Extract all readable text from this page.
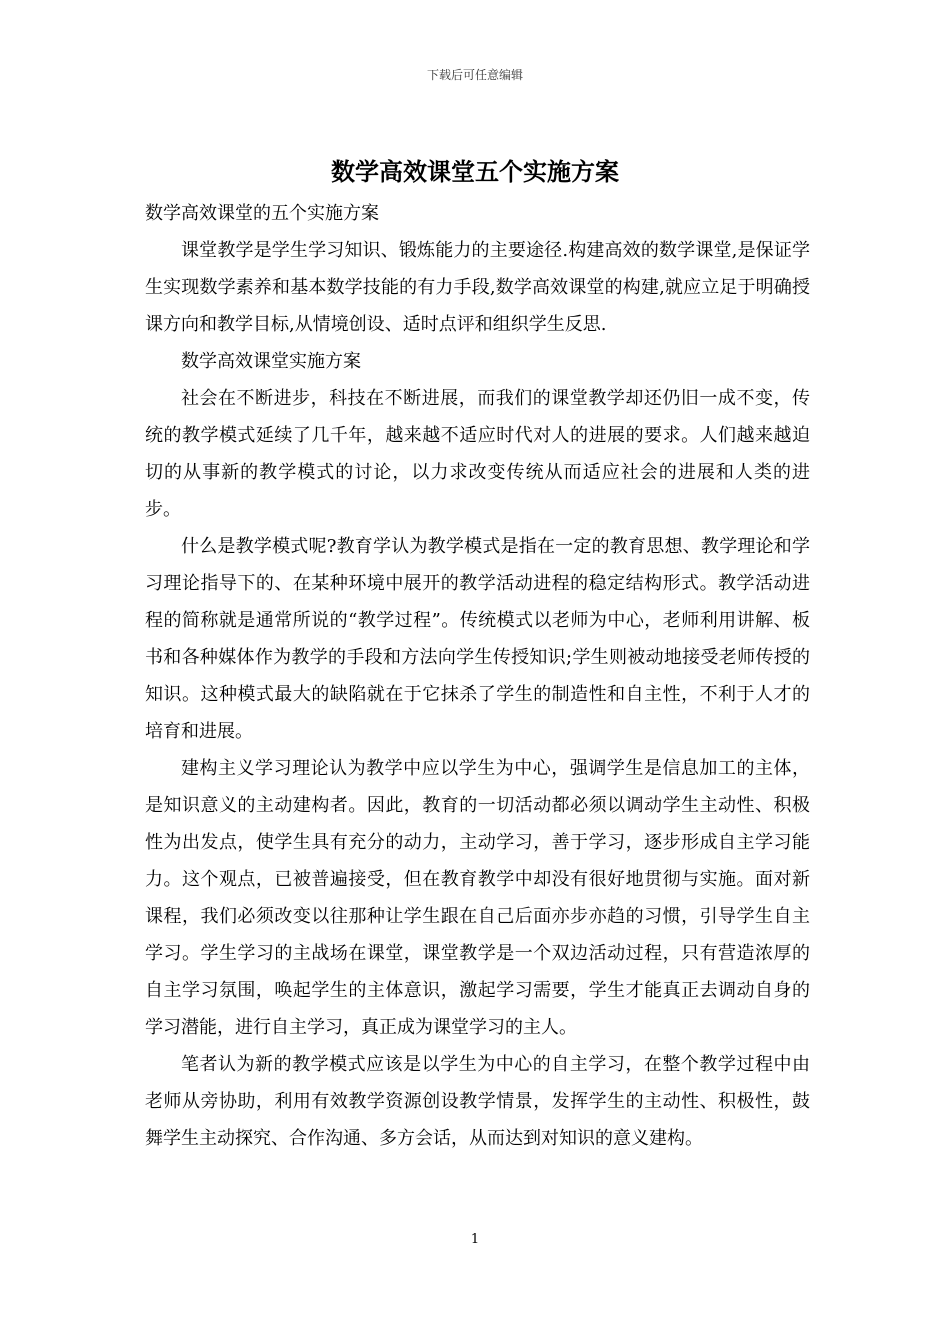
下载后可任意编辑
数学高效课堂五个实施方案

数学高效课堂的五个实施方案

课堂教学是学生学习知识、锻炼能力的主要途径.构建高效的数学课堂,是保证学生实现数学素养和基本数学技能的有力手段,数学高效课堂的构建,就应立足于明确授课方向和教学目标,从情境创设、适时点评和组织学生反思.

数学高效课堂实施方案

社会在不断进步，科技在不断进展，而我们的课堂教学却还仍旧一成不变，传统的教学模式延续了几千年，越来越不适应时代对人的进展的要求。人们越来越迫切的从事新的教学模式的讨论，以力求改变传统从而适应社会的进展和人类的进步。

什么是教学模式呢?教育学认为教学模式是指在一定的教育思想、教学理论和学习理论指导下的、在某种环境中展开的教学活动进程的稳定结构形式。教学活动进程的简称就是通常所说的“教学过程”。传统模式以老师为中心，老师利用讲解、板书和各种媒体作为教学的手段和方法向学生传授知识;学生则被动地接受老师传授的知识。这种模式最大的缺陷就在于它抹杀了学生的制造性和自主性，不利于人才的培育和进展。

建构主义学习理论认为教学中应以学生为中心，强调学生是信息加工的主体，是知识意义的主动建构者。因此，教育的一切活动都必须以调动学生主动性、积极性为出发点，使学生具有充分的动力，主动学习，善于学习，逐步形成自主学习能力。这个观点，已被普遍接受，但在教育教学中却没有很好地贯彻与实施。面对新课程，我们必须改变以往那种让学生跟在自己后面亦步亦趋的习惯，引导学生自主学习。学生学习的主战场在课堂，课堂教学是一个双边活动过程，只有营造浓厚的自主学习氛围，唤起学生的主体意识，激起学习需要，学生才能真正去调动自身的学习潜能，进行自主学习，真正成为课堂学习的主人。

笔者认为新的教学模式应该是以学生为中心的自主学习，在整个教学过程中由老师从旁协助，利用有效教学资源创设教学情景，发挥学生的主动性、积极性，鼓舞学生主动探究、合作沟通、多方会话，从而达到对知识的意义建构。

1
